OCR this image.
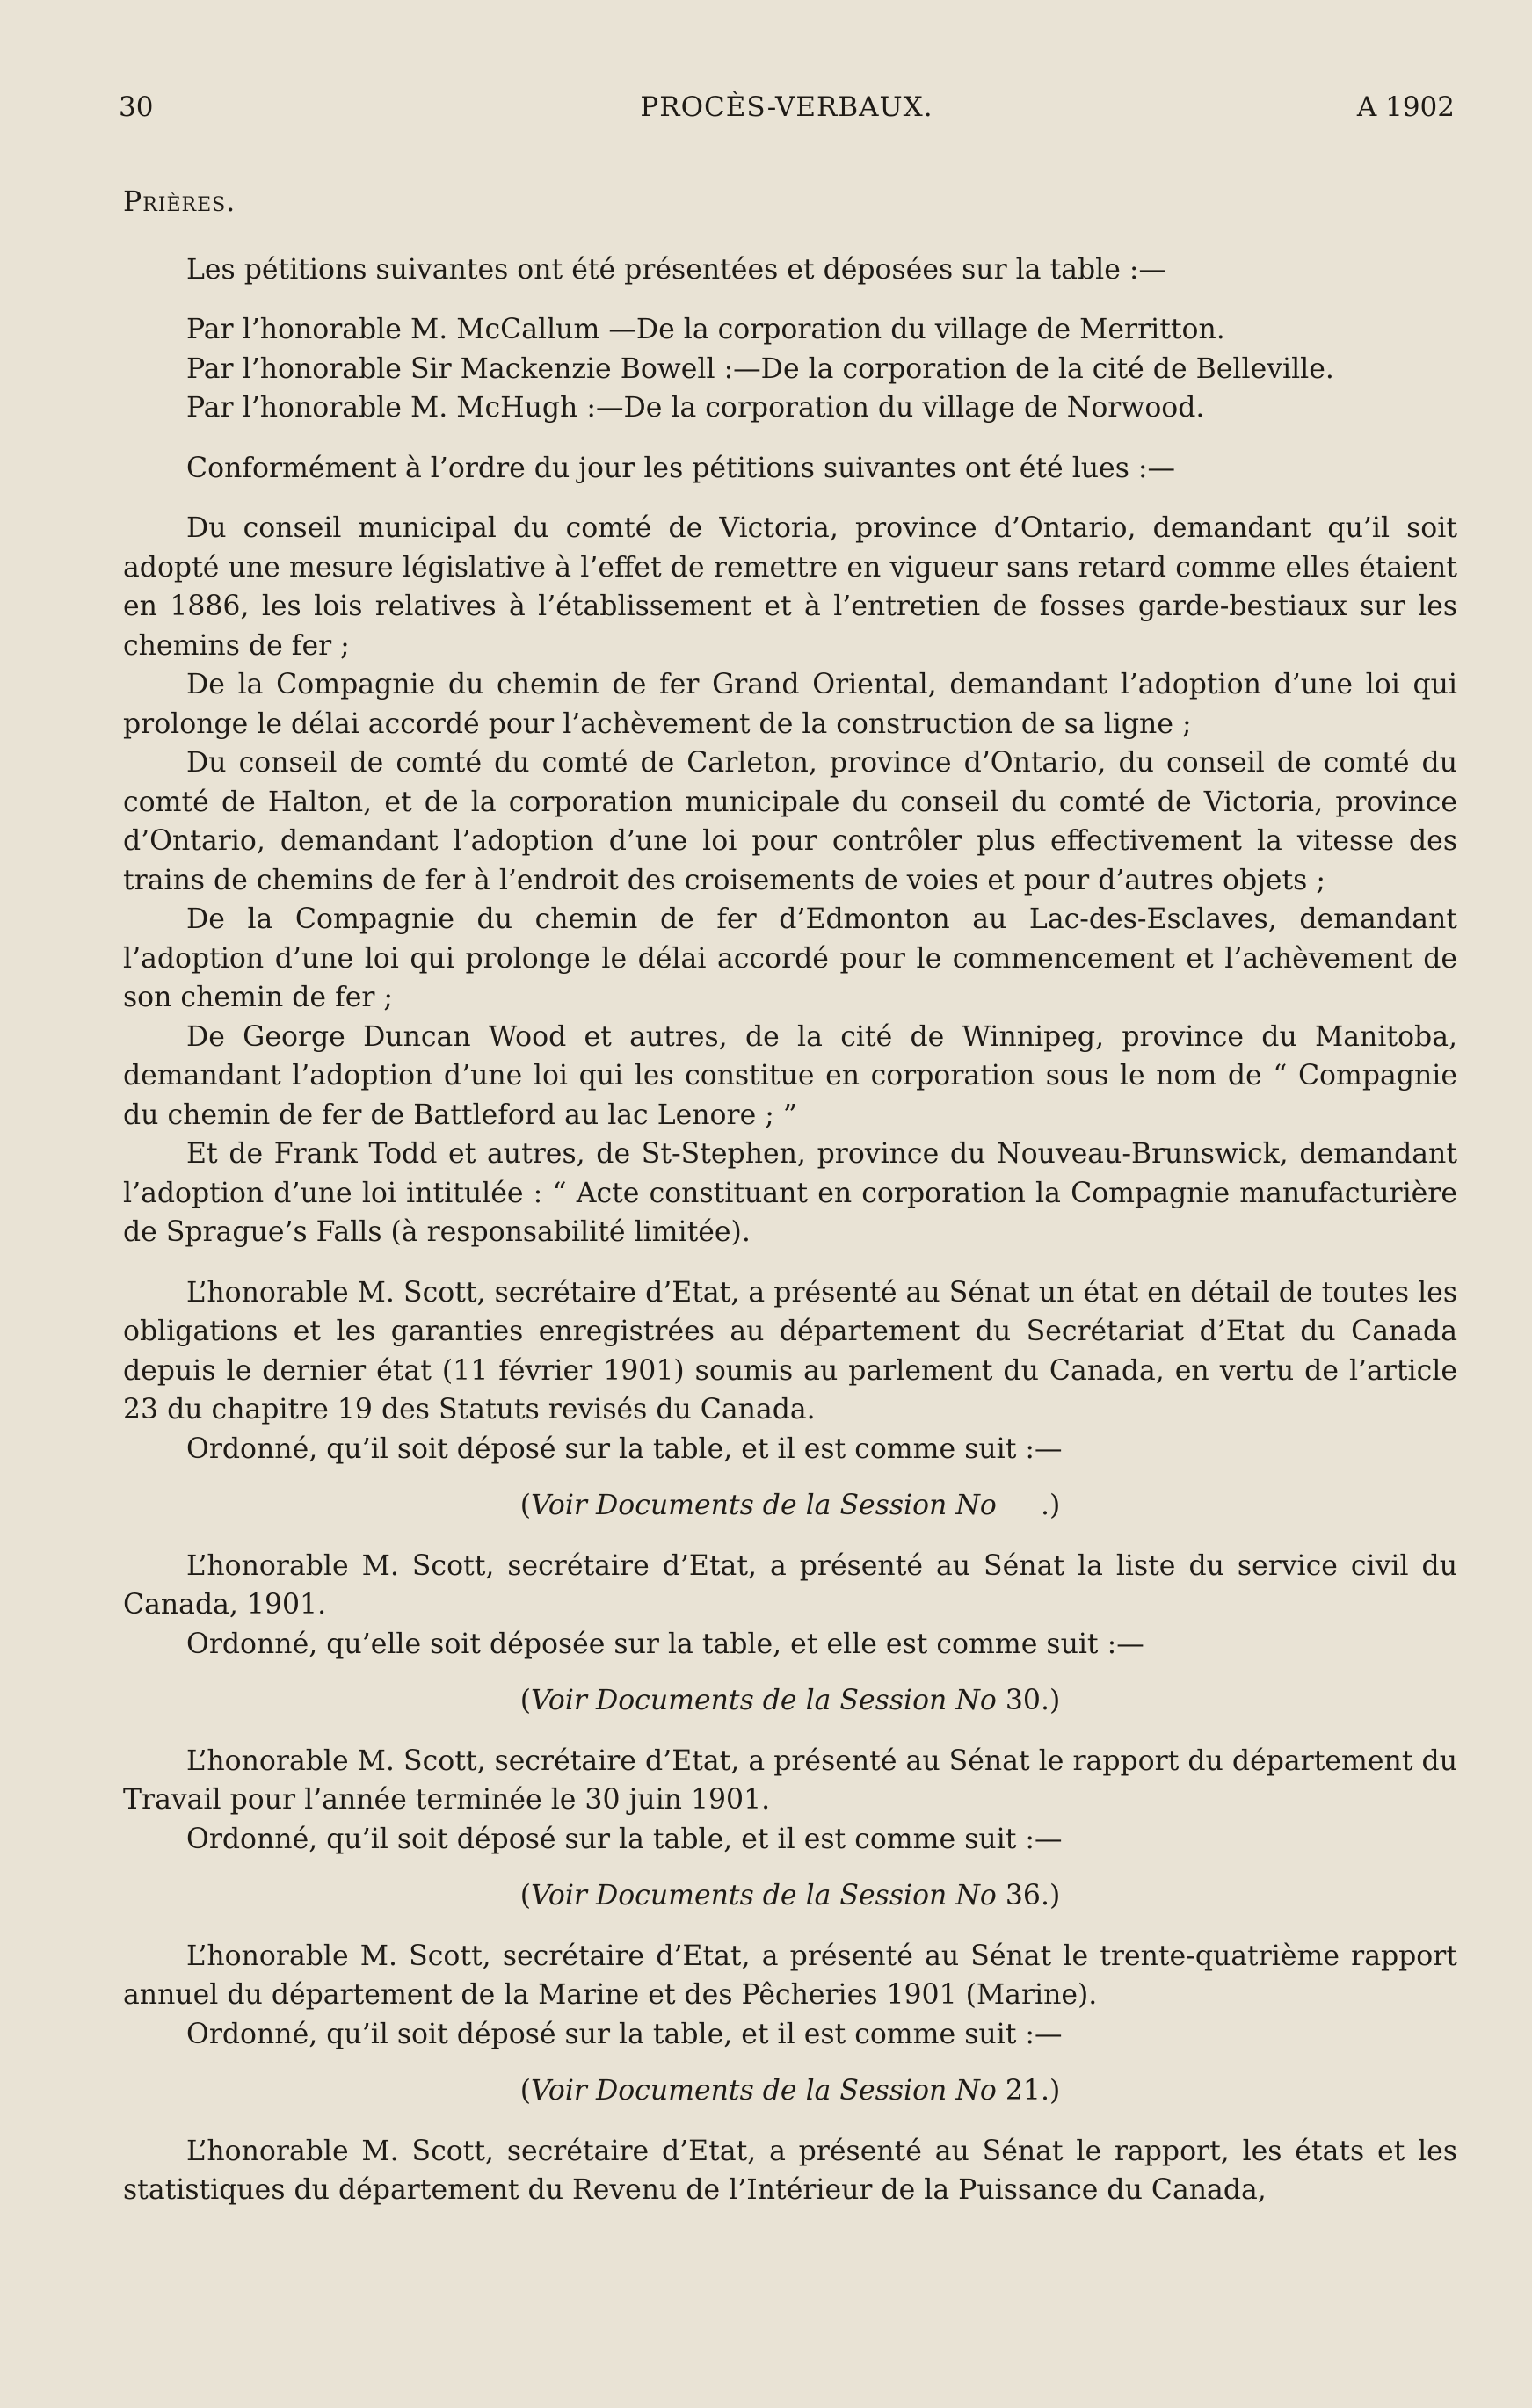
30	PROCÈS-VERBAUX.	A 1902

Prières.

Les pétitions suivantes ont été présentées et déposées sur la table :—

Par l’honorable M. McCallum —De la corporation du village de Merritton.

Par l’honorable Sir Mackenzie Bowell :—De la corporation de la cité de Belleville.

Par l’honorable M. McHugh :—De la corporation du village de Norwood.

Conformément à l’ordre du jour les pétitions suivantes ont été lues :—

Du conseil municipal du comté de Victoria, province d’Ontario, demandant qu’il soit adopté une mesure législative à l’effet de remettre en vigueur sans retard comme elles étaient en 1886, les lois relatives à l’établissement et à l’entretien de fosses garde-bestiaux sur les chemins de fer ;

De la Compagnie du chemin de fer Grand Oriental, demandant l’adoption d’une loi qui prolonge le délai accordé pour l’achèvement de la construction de sa ligne ;

Du conseil de comté du comté de Carleton, province d’Ontario, du conseil de comté du comté de Halton, et de la corporation municipale du conseil du comté de Victoria, province d’Ontario, demandant l’adoption d’une loi pour contrôler plus effectivement la vitesse des trains de chemins de fer à l’endroit des croisements de voies et pour d’autres objets ;

De la Compagnie du chemin de fer d’Edmonton au Lac-des-Esclaves, demandant l’adoption d’une loi qui prolonge le délai accordé pour le commencement et l’achèvement de son chemin de fer ;

De George Duncan Wood et autres, de la cité de Winnipeg, province du Manitoba, demandant l’adoption d’une loi qui les constitue en corporation sous le nom de “ Compagnie du chemin de fer de Battleford au lac Lenore ; ”

Et de Frank Todd et autres, de St-Stephen, province du Nouveau-Brunswick, demandant l’adoption d’une loi intitulée : “ Acte constituant en corporation la Compagnie manufacturière de Sprague’s Falls (à responsabilité limitée).

L’honorable M. Scott, secrétaire d’Etat, a présenté au Sénat un état en détail de toutes les obligations et les garanties enregistrées au département du Secrétariat d’Etat du Canada depuis le dernier état (11 février 1901) soumis au parlement du Canada, en vertu de l’article 23 du chapitre 19 des Statuts revisés du Canada.

Ordonné, qu’il soit déposé sur la table, et il est comme suit :—

(Voir Documents de la Session No     .)

L’honorable M. Scott, secrétaire d’Etat, a présenté au Sénat la liste du service civil du Canada, 1901.

Ordonné, qu’elle soit déposée sur la table, et elle est comme suit :—

(Voir Documents de la Session No 30.)

L’honorable M. Scott, secrétaire d’Etat, a présenté au Sénat le rapport du département du Travail pour l’année terminée le 30 juin 1901.

Ordonné, qu’il soit déposé sur la table, et il est comme suit :—

(Voir Documents de la Session No 36.)

L’honorable M. Scott, secrétaire d’Etat, a présenté au Sénat le trente-quatrième rapport annuel du département de la Marine et des Pêcheries 1901 (Marine).

Ordonné, qu’il soit déposé sur la table, et il est comme suit :—

(Voir Documents de la Session No 21.)

L’honorable M. Scott, secrétaire d’Etat, a présenté au Sénat le rapport, les états et les statistiques du département du Revenu de l’Intérieur de la Puissance du Canada,
